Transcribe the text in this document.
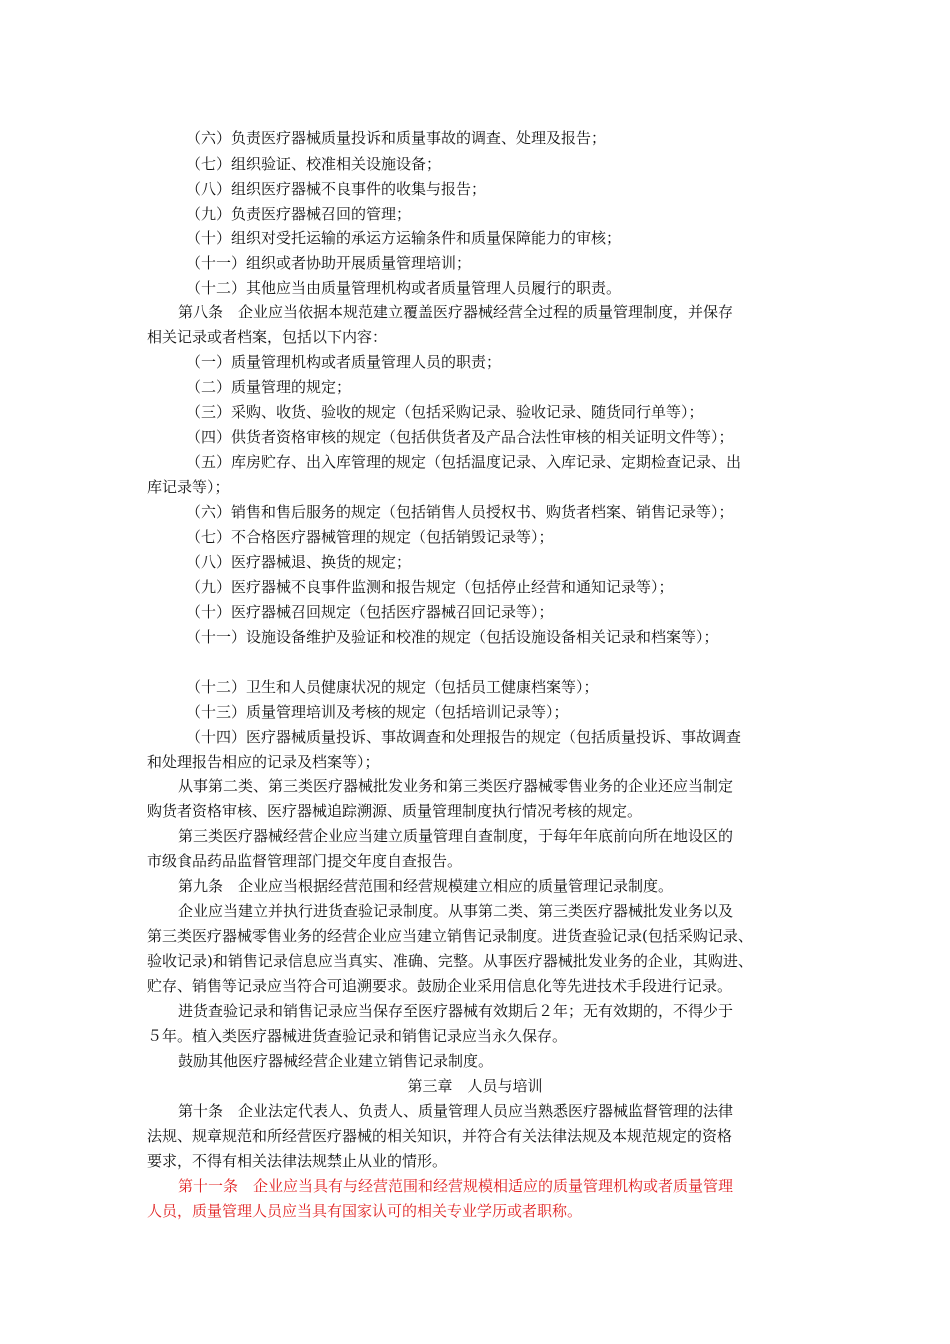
（六）负责医疗器械质量投诉和质量事故的调查、处理及报告；

（七）组织验证、校准相关设施设备；

（八）组织医疗器械不良事件的收集与报告；

（九）负责医疗器械召回的管理；

（十）组织对受托运输的承运方运输条件和质量保障能力的审核；

（十一）组织或者协助开展质量管理培训；

（十二）其他应当由质量管理机构或者质量管理人员履行的职责。

第八条　企业应当依据本规范建立覆盖医疗器械经营全过程的质量管理制度，并保存

相关记录或者档案，包括以下内容：

（一）质量管理机构或者质量管理人员的职责；

（二）质量管理的规定；

（三）采购、收货、验收的规定（包括采购记录、验收记录、随货同行单等）；

（四）供货者资格审核的规定（包括供货者及产品合法性审核的相关证明文件等）；

（五）库房贮存、出入库管理的规定（包括温度记录、入库记录、定期检查记录、出

库记录等）；

（六）销售和售后服务的规定（包括销售人员授权书、购货者档案、销售记录等）；

（七）不合格医疗器械管理的规定（包括销毁记录等）；

（八）医疗器械退、换货的规定；

（九）医疗器械不良事件监测和报告规定（包括停止经营和通知记录等）；

（十）医疗器械召回规定（包括医疗器械召回记录等）；

（十一）设施设备维护及验证和校准的规定（包括设施设备相关记录和档案等）；

（十二）卫生和人员健康状况的规定（包括员工健康档案等）；

（十三）质量管理培训及考核的规定（包括培训记录等）；

（十四）医疗器械质量投诉、事故调查和处理报告的规定（包括质量投诉、事故调查

和处理报告相应的记录及档案等）；

从事第二类、第三类医疗器械批发业务和第三类医疗器械零售业务的企业还应当制定

购货者资格审核、医疗器械追踪溯源、质量管理制度执行情况考核的规定。

第三类医疗器械经营企业应当建立质量管理自查制度，于每年年底前向所在地设区的

市级食品药品监督管理部门提交年度自查报告。

第九条　企业应当根据经营范围和经营规模建立相应的质量管理记录制度。

企业应当建立并执行进货查验记录制度。从事第二类、第三类医疗器械批发业务以及

第三类医疗器械零售业务的经营企业应当建立销售记录制度。进货查验记录(包括采购记录、

验收记录)和销售记录信息应当真实、准确、完整。从事医疗器械批发业务的企业，其购进、

贮存、销售等记录应当符合可追溯要求。鼓励企业采用信息化等先进技术手段进行记录。

进货查验记录和销售记录应当保存至医疗器械有效期后２年；无有效期的，不得少于

５年。植入类医疗器械进货查验记录和销售记录应当永久保存。

鼓励其他医疗器械经营企业建立销售记录制度。

第三章　人员与培训

第十条　企业法定代表人、负责人、质量管理人员应当熟悉医疗器械监督管理的法律

法规、规章规范和所经营医疗器械的相关知识，并符合有关法律法规及本规范规定的资格

要求，不得有相关法律法规禁止从业的情形。

第十一条　企业应当具有与经营范围和经营规模相适应的质量管理机构或者质量管理

人员，质量管理人员应当具有国家认可的相关专业学历或者职称。
